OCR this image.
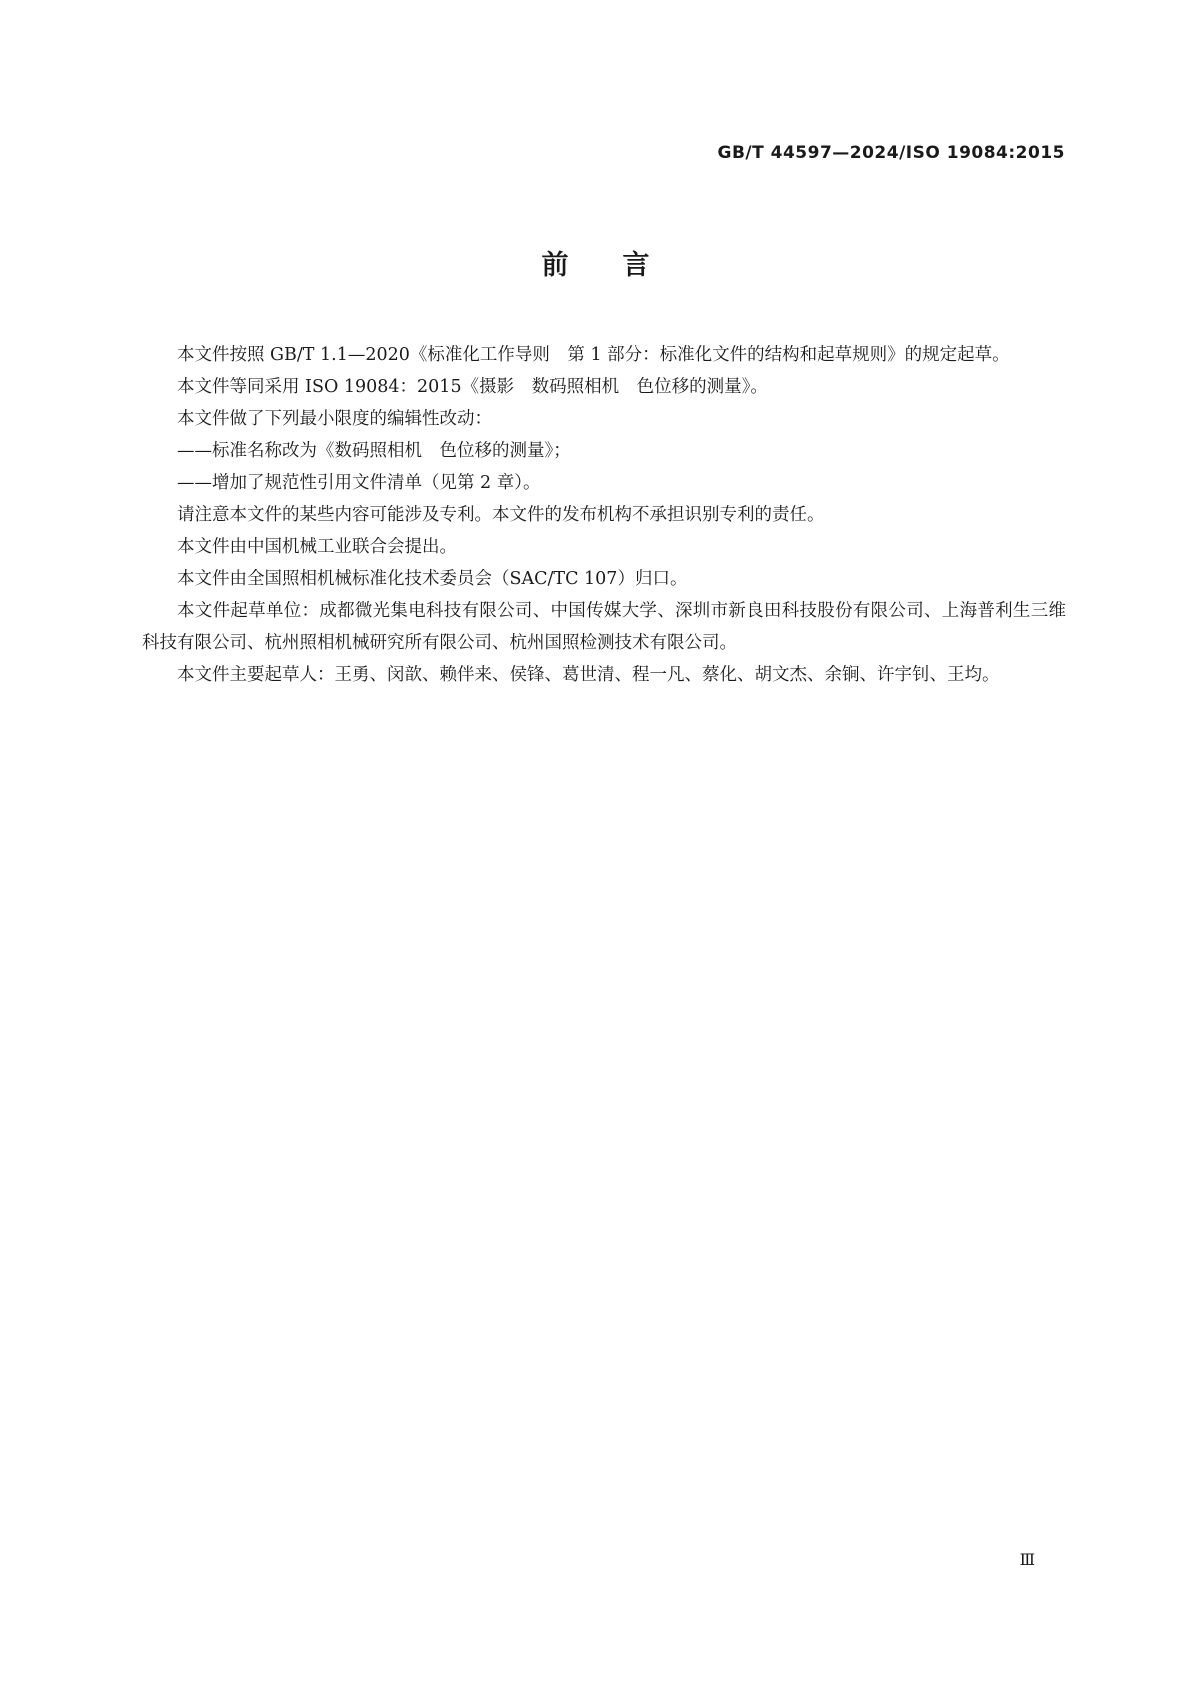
GB/T 44597—2024/ISO 19084:2015
前　　言

本文件按照 GB/T 1.1—2020《标准化工作导则　第 1 部分：标准化文件的结构和起草规则》的规定起草。

本文件等同采用 ISO 19084：2015《摄影　数码照相机　色位移的测量》。

本文件做了下列最小限度的编辑性改动：

——标准名称改为《数码照相机　色位移的测量》；

——增加了规范性引用文件清单（见第 2 章）。

请注意本文件的某些内容可能涉及专利。本文件的发布机构不承担识别专利的责任。

本文件由中国机械工业联合会提出。

本文件由全国照相机械标准化技术委员会（SAC/TC 107）归口。

本文件起草单位：成都微光集电科技有限公司、中国传媒大学、深圳市新良田科技股份有限公司、上海普利生三维科技有限公司、杭州照相机械研究所有限公司、杭州国照检测技术有限公司。

本文件主要起草人：王勇、闵歆、赖伴来、侯锋、葛世清、程一凡、蔡化、胡文杰、余锏、许宇钊、王均。

Ⅲ
